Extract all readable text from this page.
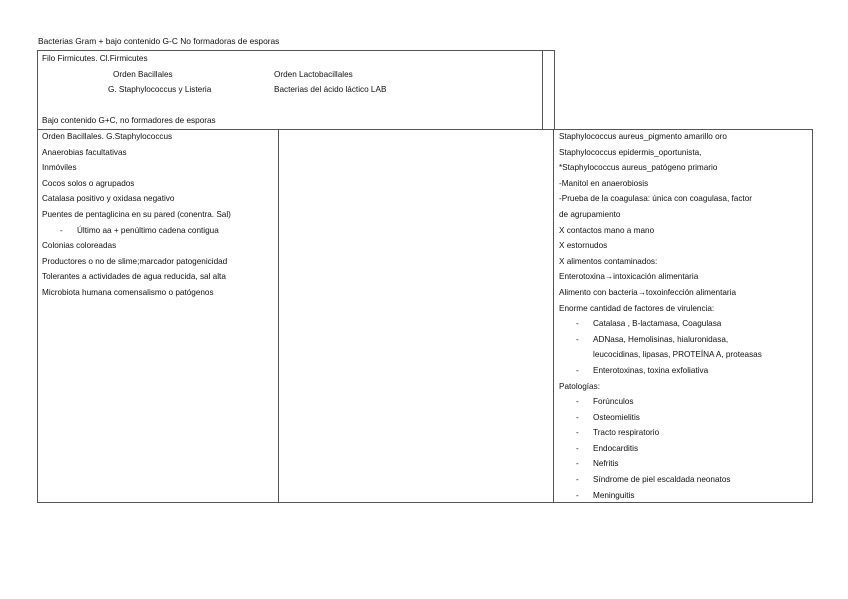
Bacterias Gram + bajo contenido G-C No formadoras de esporas
Filo Firmicutes. Cl.Firmicutes
Orden Bacillales	Orden Lactobacillales
G. Staphylococcus y Listeria	Bacterias del ácido láctico LAB
Bajo contenido G+C, no formadores de esporas
Orden Bacillales. G.Staphylococcus
Anaerobias facultativas
Inmóviles
Cocos solos o agrupados
Catalasa positivo y oxidasa negativo
Puentes de pentaglicina en su pared (conentra. Sal)
-	Último aa + penúltimo cadena contigua
Colonias coloreadas
Productores o no de slime;marcador patogenicidad
Tolerantes a actividades de agua reducida, sal alta
Microbiota humana comensalismo o patógenos
Staphylococcus aureus_pigmento amarillo oro
Staphylococcus epidermis_oportunista,
*Staphylococcus aureus_patógeno primario
-Manitol en anaerobiosis
-Prueba de la coagulasa: única con coagulasa, factor
de agrupamiento
X contactos mano a mano
X estornudos
X alimentos contaminados:
Enterotoxina→intoxicación alimentaria
Alimento con bacteria→toxoinfección alimentaria
Enorme cantidad de factores de virulencia:
-	Catalasa , B-lactamasa, Coagulasa
-	ADNasa, Hemolisinas, hialuronidasa,
leucocidinas, lipasas, PROTEÍNA A, proteasas
-	Enterotoxinas, toxina exfoliativa
Patologías:
-	Forúnculos
-	Osteomielitis
-	Tracto respiratorio
-	Endocarditis
-	Nefritis
-	Síndrome de piel escaldada neonatos
-	Meninguitis
